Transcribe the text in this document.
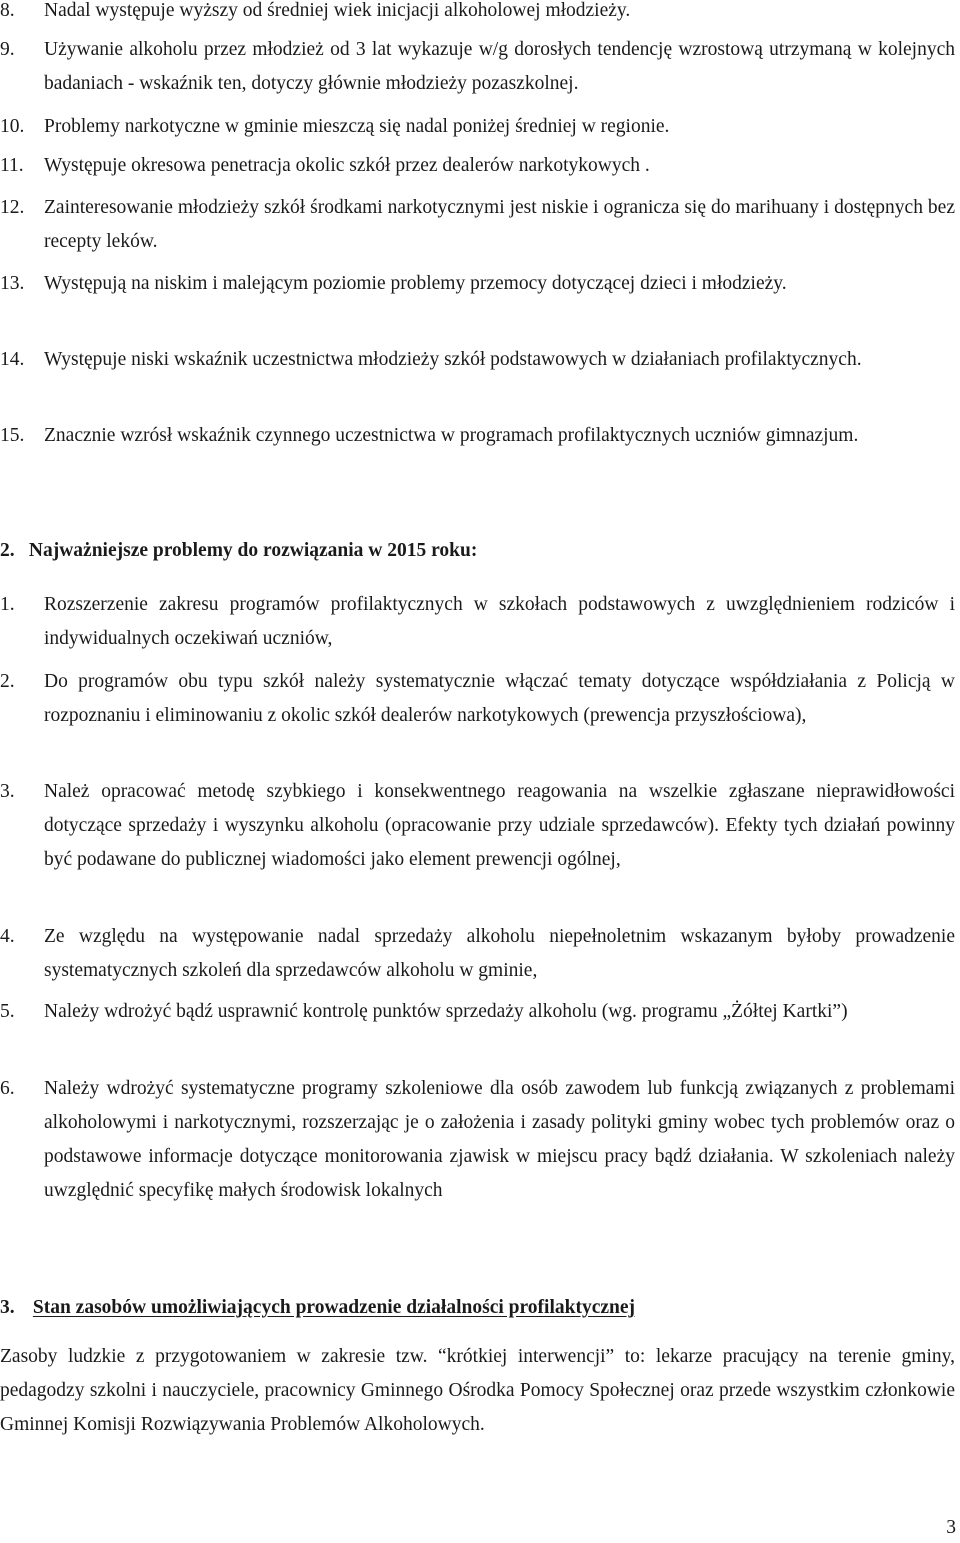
8.	Nadal występuje wyższy od średniej wiek inicjacji alkoholowej młodzieży.
9.	Używanie alkoholu przez młodzież od 3 lat wykazuje w/g dorosłych tendencję wzrostową utrzymaną w kolejnych badaniach - wskaźnik ten, dotyczy głównie młodzieży pozaszkolnej.
10.	Problemy narkotyczne w gminie mieszczą się nadal poniżej średniej w regionie.
11.	Występuje okresowa penetracja okolic szkół przez dealerów narkotykowych .
12.	Zainteresowanie młodzieży szkół środkami narkotycznymi jest niskie i ogranicza się do marihuany i dostępnych bez recepty leków.
13.	Występują na niskim i malejącym poziomie problemy przemocy dotyczącej dzieci i młodzieży.
14.	Występuje niski wskaźnik uczestnictwa młodzieży szkół podstawowych w działaniach profilaktycznych.
15.	Znacznie wzrósł wskaźnik czynnego uczestnictwa w programach profilaktycznych uczniów gimnazjum.
2. Najważniejsze problemy do rozwiązania w 2015 roku:
1.	Rozszerzenie zakresu programów profilaktycznych w szkołach podstawowych z uwzględnieniem rodziców i indywidualnych oczekiwań uczniów,
2.	Do programów obu typu szkół należy systematycznie włączać tematy dotyczące współdziałania z Policją w rozpoznaniu i eliminowaniu z okolic szkół dealerów narkotykowych (prewencja przyszłościowa),
3.	Należ opracować metodę szybkiego i konsekwentnego reagowania na wszelkie zgłaszane nieprawidłowości dotyczące sprzedaży i wyszynku alkoholu (opracowanie przy udziale sprzedawców). Efekty tych działań powinny być podawane do publicznej wiadomości jako element prewencji ogólnej,
4.	Ze względu na występowanie nadal sprzedaży alkoholu niepełnoletnim wskazanym byłoby prowadzenie systematycznych szkoleń dla sprzedawców alkoholu w gminie,
5.	Należy wdrożyć bądź usprawnić kontrolę punktów sprzedaży alkoholu (wg. programu „Żółtej Kartki”)
6.	Należy wdrożyć systematyczne programy szkoleniowe dla osób zawodem lub funkcją związanych z problemami alkoholowymi i narkotycznymi, rozszerzając je o założenia i zasady polityki gminy wobec tych problemów oraz o podstawowe informacje dotyczące monitorowania zjawisk w miejscu pracy bądź działania. W szkoleniach należy uwzględnić specyfikę małych środowisk lokalnych
3. Stan zasobów umożliwiających prowadzenie działalności profilaktycznej
Zasoby ludzkie z przygotowaniem w zakresie tzw. “krótkiej interwencji” to: lekarze pracujący na terenie gminy, pedagodzy szkolni i nauczyciele, pracownicy Gminnego Ośrodka Pomocy Społecznej oraz przede wszystkim członkowie Gminnej Komisji Rozwiązywania Problemów Alkoholowych.
3
